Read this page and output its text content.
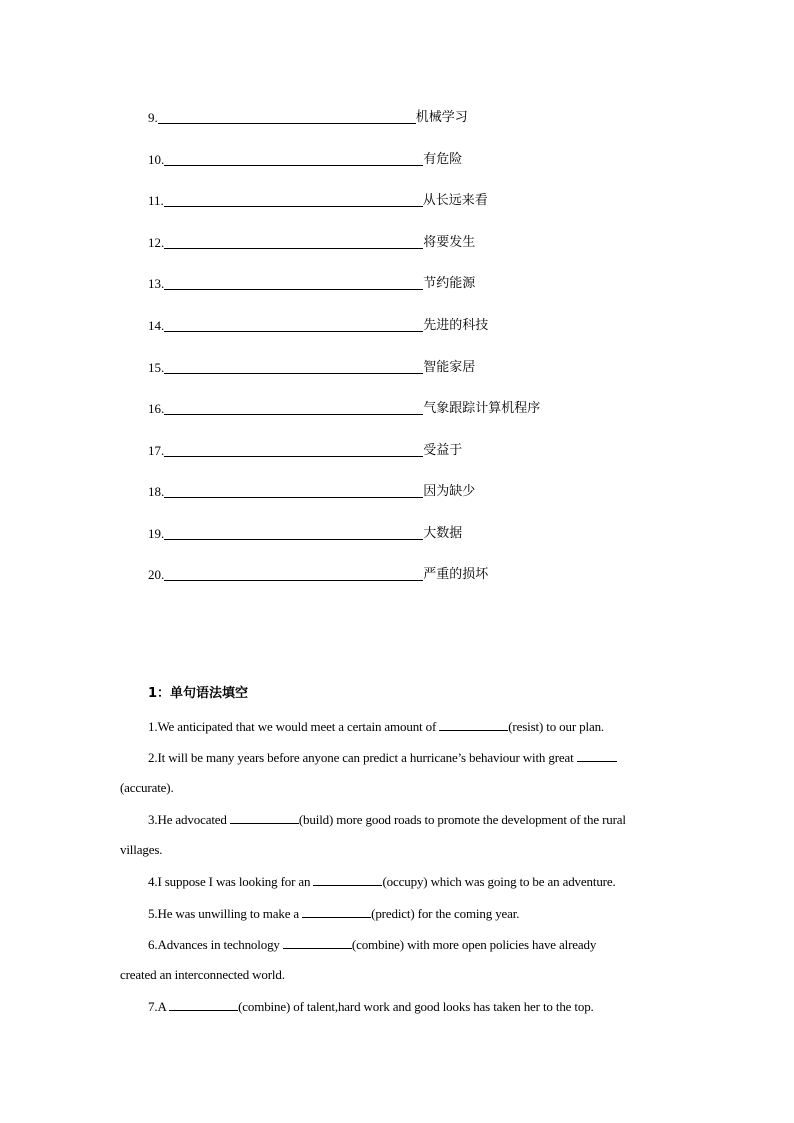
9.	机械学习
10.	有危险
11.	从长远来看
12.	将要发生
13.	节约能源
14.	先进的科技
15.	智能家居
16.	气象跟踪计算机程序
17.	受益于
18.	因为缺少
19.	大数据
20.	严重的损坏
1：单句语法填空
1.We anticipated that we would meet a certain amount of	(resist) to our plan.
2.It will be many years before anyone can predict a hurricane’s behaviour with great
(accurate).
3.He advocated	(build) more good roads to promote the development of the rural
villages.
4.I suppose I was looking for an	(occupy) which was going to be an adventure.
5.He was unwilling to make a	(predict) for the coming year.
6.Advances in technology	(combine) with more open policies have already
created an interconnected world.
7.A	(combine) of talent,hard work and good looks has taken her to the top.
